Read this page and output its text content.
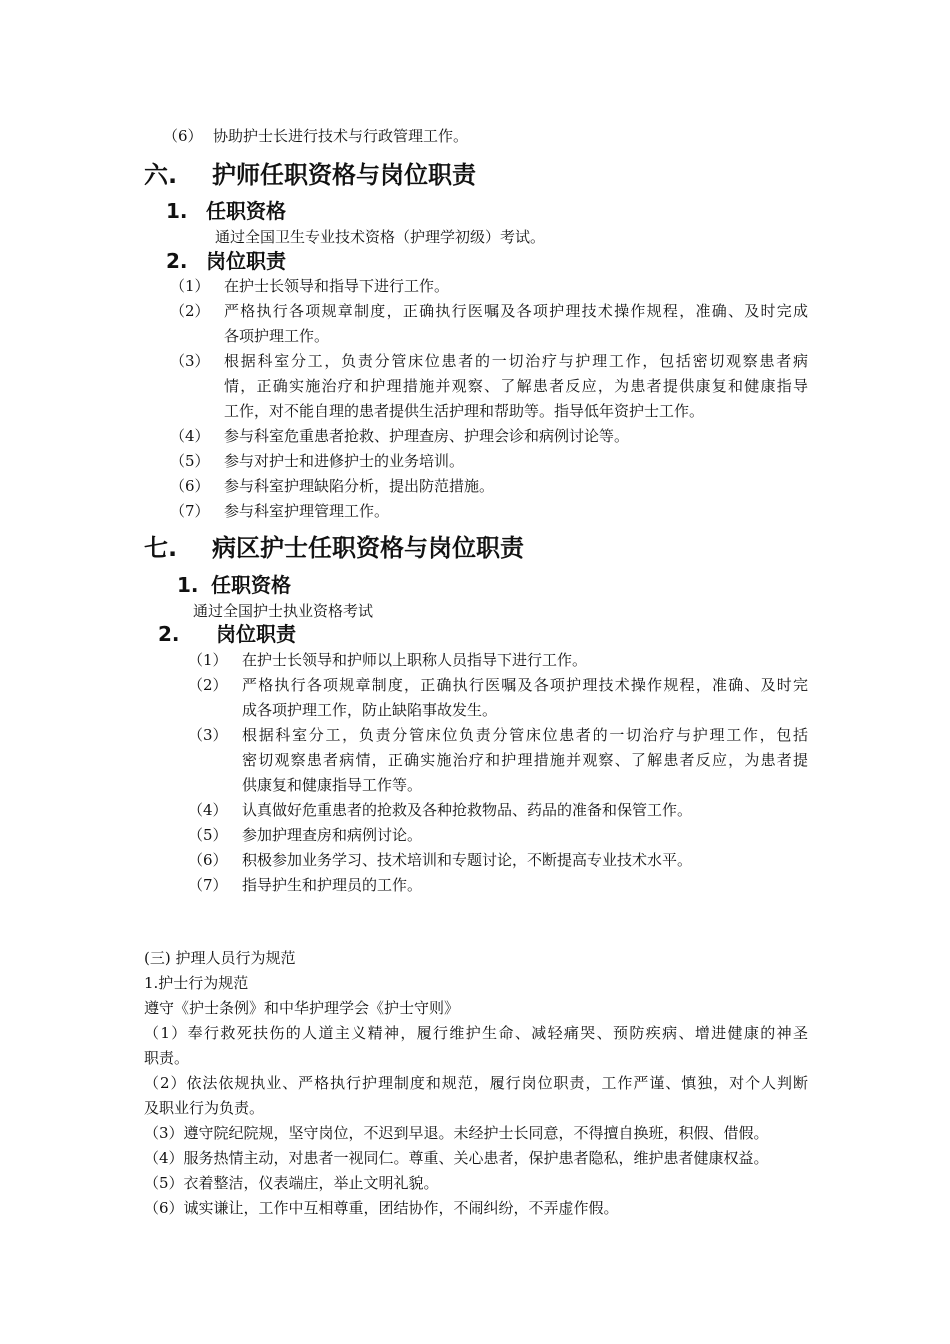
（6） 协助护士长进行技术与行政管理工作。
六. 护师任职资格与岗位职责
1. 任职资格
通过全国卫生专业技术资格（护理学初级）考试。
2. 岗位职责
（1） 在护士长领导和指导下进行工作。
（2） 严格执行各项规章制度，正确执行医嘱及各项护理技术操作规程，准确、及时完成
各项护理工作。
（3） 根据科室分工，负责分管床位患者的一切治疗与护理工作，包括密切观察患者病
情，正确实施治疗和护理措施并观察、了解患者反应，为患者提供康复和健康指导
工作，对不能自理的患者提供生活护理和帮助等。指导低年资护士工作。
（4） 参与科室危重患者抢救、护理查房、护理会诊和病例讨论等。
（5） 参与对护士和进修护士的业务培训。
（6） 参与科室护理缺陷分析，提出防范措施。
（7） 参与科室护理管理工作。
七. 病区护士任职资格与岗位职责
1. 任职资格
通过全国护士执业资格考试
2. 岗位职责
（1） 在护士长领导和护师以上职称人员指导下进行工作。
（2） 严格执行各项规章制度，正确执行医嘱及各项护理技术操作规程，准确、及时完
成各项护理工作，防止缺陷事故发生。
（3） 根据科室分工，负责分管床位负责分管床位患者的一切治疗与护理工作，包括
密切观察患者病情，正确实施治疗和护理措施并观察、了解患者反应，为患者提
供康复和健康指导工作等。
（4） 认真做好危重患者的抢救及各种抢救物品、药品的准备和保管工作。
（5） 参加护理查房和病例讨论。
（6） 积极参加业务学习、技术培训和专题讨论，不断提高专业技术水平。
（7） 指导护生和护理员的工作。
(三) 护理人员行为规范
1.护士行为规范
遵守《护士条例》和中华护理学会《护士守则》
（1）奉行救死扶伤的人道主义精神，履行维护生命、减轻痛哭、预防疾病、增进健康的神圣
职责。
（2）依法依规执业、严格执行护理制度和规范，履行岗位职责，工作严谨、慎独，对个人判断
及职业行为负责。
（3）遵守院纪院规，坚守岗位，不迟到早退。未经护士长同意，不得擅自换班，积假、借假。
（4）服务热情主动，对患者一视同仁。尊重、关心患者，保护患者隐私，维护患者健康权益。
（5）衣着整洁，仪表端庄，举止文明礼貌。
（6）诚实谦让，工作中互相尊重，团结协作，不闹纠纷，不弄虚作假。
